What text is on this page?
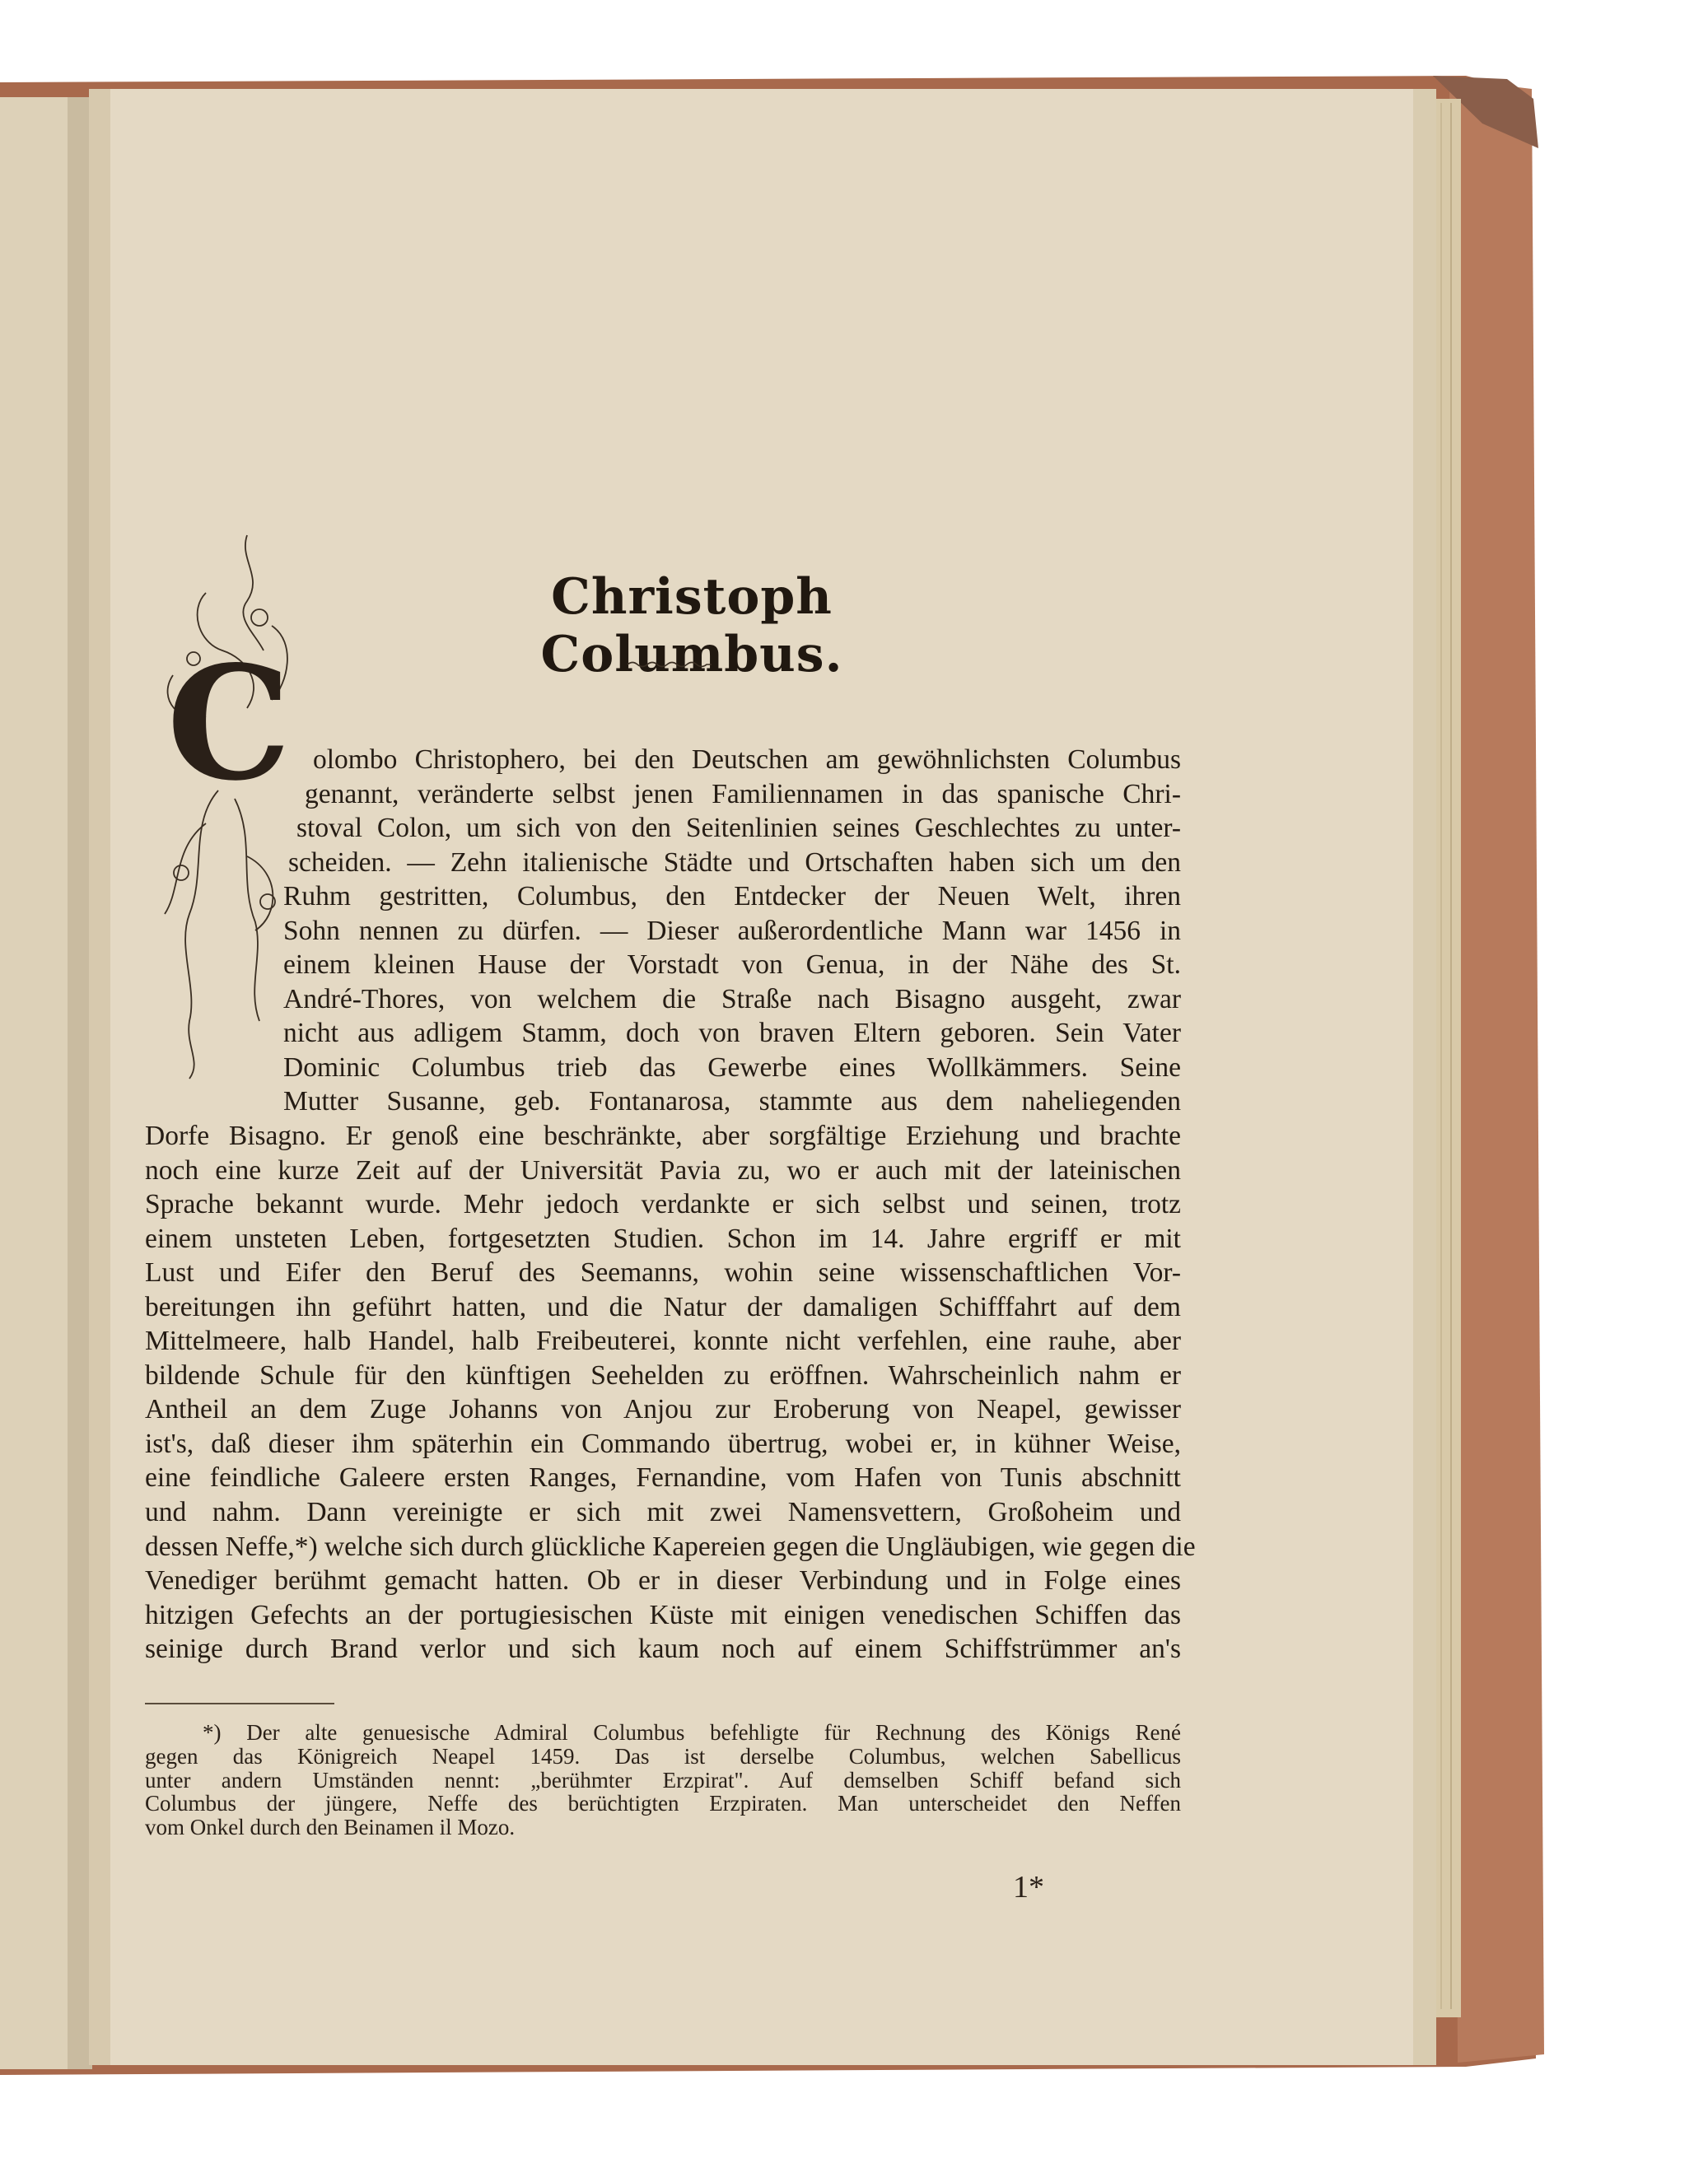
Christoph Columbus.
C olombo Christophero, bei den Deutschen am gewöhnlichsten Columbus
genannt, veränderte selbst jenen Familiennamen in das spanische Chri-
stoval Colon, um sich von den Seitenlinien seines Geschlechtes zu unter-
scheiden. — Zehn italienische Städte und Ortschaften haben sich um den
Ruhm gestritten, Columbus, den Entdecker der Neuen Welt, ihren
Sohn nennen zu dürfen. — Dieser außerordentliche Mann war 1456 in
einem kleinen Hause der Vorstadt von Genua, in der Nähe des St.
André-Thores, von welchem die Straße nach Bisagno ausgeht, zwar
nicht aus adligem Stamm, doch von braven Eltern geboren. Sein Vater
Dominic Columbus trieb das Gewerbe eines Wollkämmers. Seine
Mutter Susanne, geb. Fontanarosa, stammte aus dem naheliegenden
Dorfe Bisagno. Er genoß eine beschränkte, aber sorgfältige Erziehung und brachte
noch eine kurze Zeit auf der Universität Pavia zu, wo er auch mit der lateinischen
Sprache bekannt wurde. Mehr jedoch verdankte er sich selbst und seinen, trotz
einem unsteten Leben, fortgesetzten Studien. Schon im 14. Jahre ergriff er mit
Lust und Eifer den Beruf des Seemanns, wohin seine wissenschaftlichen Vor-
bereitungen ihn geführt hatten, und die Natur der damaligen Schifffahrt auf dem
Mittelmeere, halb Handel, halb Freibeuterei, konnte nicht verfehlen, eine rauhe, aber
bildende Schule für den künftigen Seehelden zu eröffnen. Wahrscheinlich nahm er
Antheil an dem Zuge Johanns von Anjou zur Eroberung von Neapel, gewisser
ist's, daß dieser ihm späterhin ein Commando übertrug, wobei er, in kühner Weise,
eine feindliche Galeere ersten Ranges, Fernandine, vom Hafen von Tunis abschnitt
und nahm. Dann vereinigte er sich mit zwei Namensvettern, Großoheim und
dessen Neffe,*) welche sich durch glückliche Kapereien gegen die Ungläubigen, wie gegen die
Venediger berühmt gemacht hatten. Ob er in dieser Verbindung und in Folge eines
hitzigen Gefechts an der portugiesischen Küste mit einigen venedischen Schiffen das
seinige durch Brand verlor und sich kaum noch auf einem Schiffstrümmer an's
*) Der alte genuesische Admiral Columbus befehligte für Rechnung des Königs René
gegen das Königreich Neapel 1459. Das ist derselbe Columbus, welchen Sabellicus
unter andern Umständen nennt: „berühmter Erzpirat". Auf demselben Schiff befand sich
Columbus der jüngere, Neffe des berüchtigten Erzpiraten. Man unterscheidet den Neffen
vom Onkel durch den Beinamen il Mozo.
1*
